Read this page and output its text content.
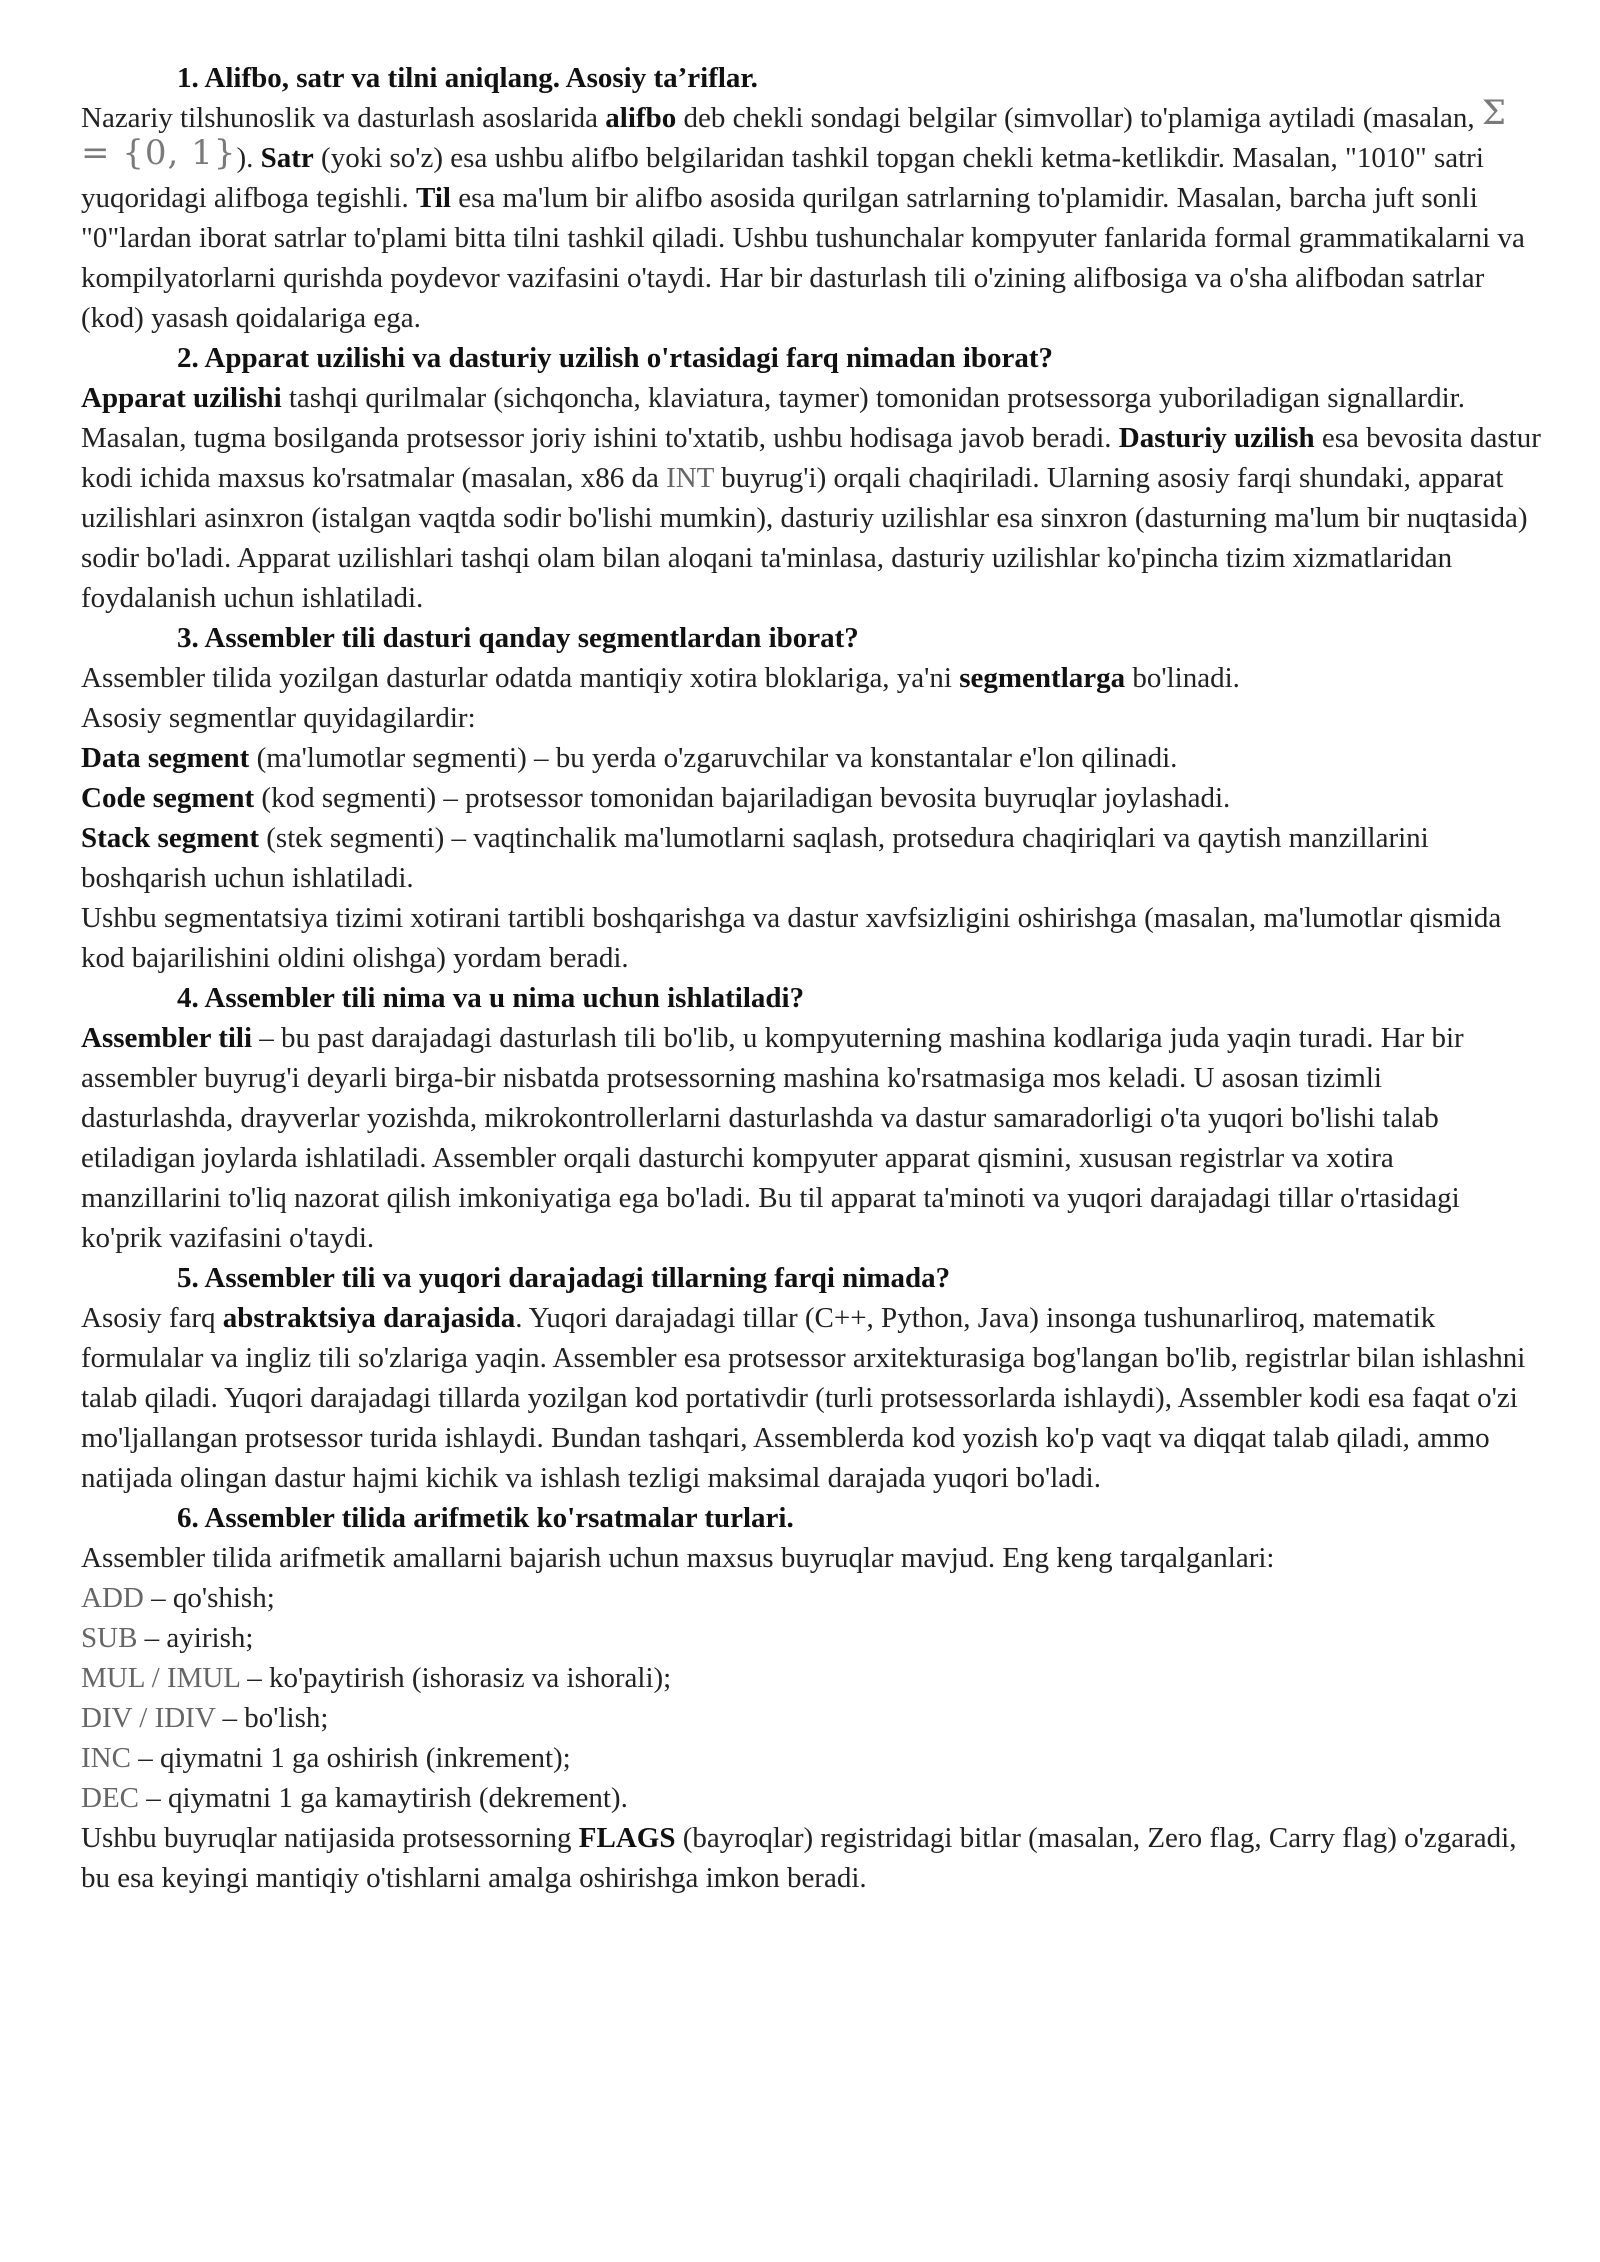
1. Alifbo, satr va tilni aniqlang. Asosiy ta’riflar.

Nazariy tilshunoslik va dasturlash asoslarida alifbo deb chekli sondagi belgilar (simvollar) to'plamiga aytiladi (masalan, Σ = {0, 1}). Satr (yoki so'z) esa ushbu alifbo belgilaridan tashkil topgan chekli ketma-ketlikdir. Masalan, "1010" satri yuqoridagi alifboga tegishli. Til esa ma'lum bir alifbo asosida qurilgan satrlarning to'plamidir. Masalan, barcha juft sonli "0"lardan iborat satrlar to'plami bitta tilni tashkil qiladi. Ushbu tushunchalar kompyuter fanlarida formal grammatikalarni va kompilyatorlarni qurishda poydevor vazifasini o'taydi. Har bir dasturlash tili o'zining alifbosiga va o'sha alifbodan satrlar (kod) yasash qoidalariga ega.

2. Apparat uzilishi va dasturiy uzilish o'rtasidagi farq nimadan iborat?

Apparat uzilishi tashqi qurilmalar (sichqoncha, klaviatura, taymer) tomonidan protsessorga yuboriladigan signallardir. Masalan, tugma bosilganda protsessor joriy ishini to'xtatib, ushbu hodisaga javob beradi. Dasturiy uzilish esa bevosita dastur kodi ichida maxsus ko'rsatmalar (masalan, x86 da INT buyrug'i) orqali chaqiriladi. Ularning asosiy farqi shundaki, apparat uzilishlari asinxron (istalgan vaqtda sodir bo'lishi mumkin), dasturiy uzilishlar esa sinxron (dasturning ma'lum bir nuqtasida) sodir bo'ladi. Apparat uzilishlari tashqi olam bilan aloqani ta'minlasa, dasturiy uzilishlar ko'pincha tizim xizmatlaridan foydalanish uchun ishlatiladi.

3. Assembler tili dasturi qanday segmentlardan iborat?

Assembler tilida yozilgan dasturlar odatda mantiqiy xotira bloklariga, ya'ni segmentlarga bo'linadi.

Asosiy segmentlar quyidagilardir:

Data segment (ma'lumotlar segmenti) – bu yerda o'zgaruvchilar va konstantalar e'lon qilinadi.

Code segment (kod segmenti) – protsessor tomonidan bajariladigan bevosita buyruqlar joylashadi.

Stack segment (stek segmenti) – vaqtinchalik ma'lumotlarni saqlash, protsedura chaqiriqlari va qaytish manzillarini boshqarish uchun ishlatiladi.

Ushbu segmentatsiya tizimi xotirani tartibli boshqarishga va dastur xavfsizligini oshirishga (masalan, ma'lumotlar qismida kod bajarilishini oldini olishga) yordam beradi.

4. Assembler tili nima va u nima uchun ishlatiladi?

Assembler tili – bu past darajadagi dasturlash tili bo'lib, u kompyuterning mashina kodlariga juda yaqin turadi. Har bir assembler buyrug'i deyarli birga-bir nisbatda protsessorning mashina ko'rsatmasiga mos keladi. U asosan tizimli dasturlashda, drayverlar yozishda, mikrokontrollerlarni dasturlashda va dastur samaradorligi o'ta yuqori bo'lishi talab etiladigan joylarda ishlatiladi. Assembler orqali dasturchi kompyuter apparat qismini, xususan registrlar va xotira manzillarini to'liq nazorat qilish imkoniyatiga ega bo'ladi. Bu til apparat ta'minoti va yuqori darajadagi tillar o'rtasidagi ko'prik vazifasini o'taydi.

5. Assembler tili va yuqori darajadagi tillarning farqi nimada?

Asosiy farq abstraktsiya darajasida. Yuqori darajadagi tillar (C++, Python, Java) insonga tushunarliroq, matematik formulalar va ingliz tili so'zlariga yaqin. Assembler esa protsessor arxitekturasiga bog'langan bo'lib, registrlar bilan ishlashni talab qiladi. Yuqori darajadagi tillarda yozilgan kod portativdir (turli protsessorlarda ishlaydi), Assembler kodi esa faqat o'zi mo'ljallangan protsessor turida ishlaydi. Bundan tashqari, Assemblerda kod yozish ko'p vaqt va diqqat talab qiladi, ammo natijada olingan dastur hajmi kichik va ishlash tezligi maksimal darajada yuqori bo'ladi.

6. Assembler tilida arifmetik ko'rsatmalar turlari.

Assembler tilida arifmetik amallarni bajarish uchun maxsus buyruqlar mavjud. Eng keng tarqalganlari:

ADD – qo'shish;

SUB – ayirish;

MUL / IMUL – ko'paytirish (ishorasiz va ishorali);

DIV / IDIV – bo'lish;

INC – qiymatni 1 ga oshirish (inkrement);

DEC – qiymatni 1 ga kamaytirish (dekrement).

Ushbu buyruqlar natijasida protsessorning FLAGS (bayroqlar) registridagi bitlar (masalan, Zero flag, Carry flag) o'zgaradi, bu esa keyingi mantiqiy o'tishlarni amalga oshirishga imkon beradi.
